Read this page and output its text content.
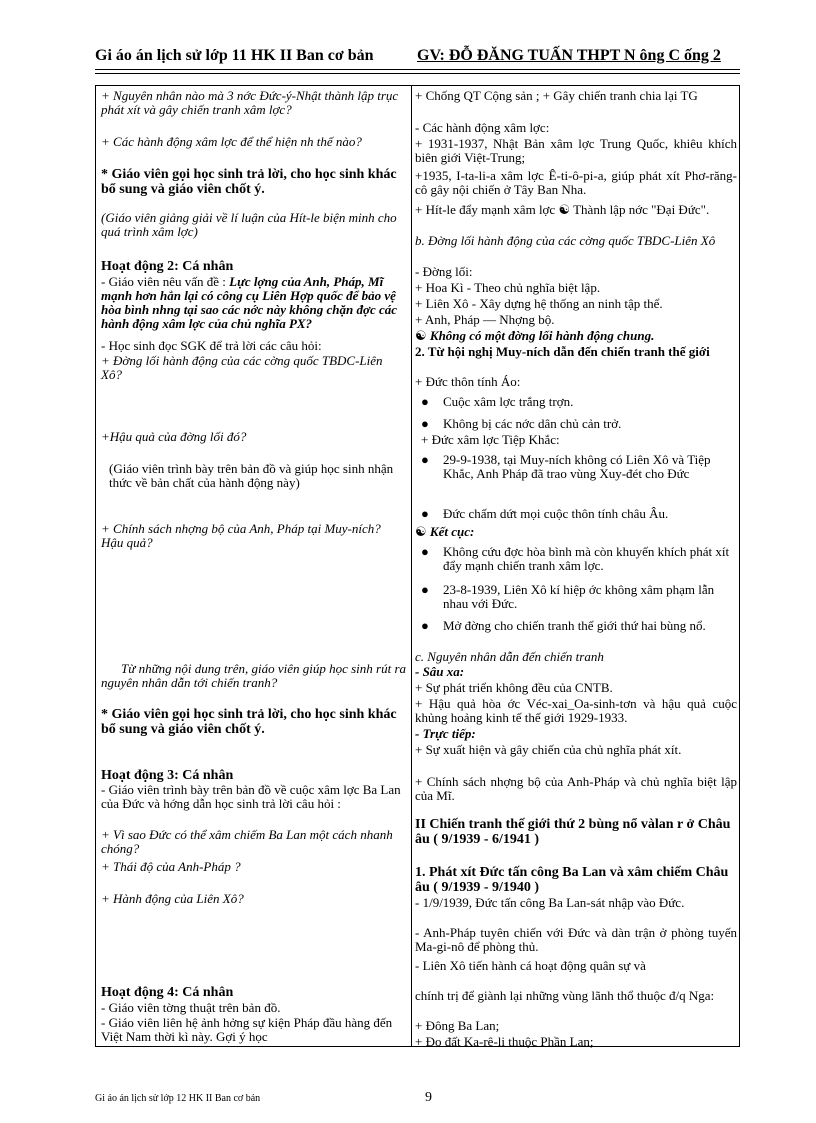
Gi áo án lịch sử lớp 11 HK II Ban cơ bản	GV: ĐỖ ĐĂNG TUẤN THPT N ông C ống 2
+ Nguyên nhân nào mà 3 nớc Đức-ý-Nhật thành lập trục phát xít và gây chiến tranh xâm lợc?
+ Các hành động xâm lợc để thể hiện nh thế nào?
* Giáo viên gọi học sinh trả lời, cho học sinh khác bổ sung và giáo viên chốt ý.
(Giáo viên giảng giải về lí luận của Hít-le biện minh cho quá trình xâm lợc)
Hoạt động 2: Cá nhân
- Giáo viên nêu vấn đề : Lực lợng của Anh, Pháp, Mĩ mạnh hơn hẳn lại có công cụ Liên Hợp quốc để bảo vệ hòa bình nhng tại sao các nớc này không chặn đợc các hành động xâm lợc của chủ nghĩa PX?
- Học sinh đọc SGK để trả lời các câu hỏi:
+ Đờng lối hành động của các cờng quốc TBDC-Liên Xô?
+Hậu quả của đờng lối đó?
(Giáo viên trình bày trên bản đồ và giúp học sinh nhận thức về bản chất của hành động này)
+ Chính sách nhợng bộ của Anh, Pháp tại Muy-ních? Hậu quả?
Từ những nội dung trên, giáo viên giúp học sinh rút ra nguyên nhân dẫn tới chiến tranh?
* Giáo viên gọi học sinh trả lời, cho học sinh khác bổ sung và giáo viên chốt ý.
Hoạt động 3: Cá nhân
- Giáo viên trình bày trên bản đồ về cuộc xâm lợc Ba Lan của Đức và hớng dẫn học sinh trả lời câu hỏi :
+ Vì sao Đức có thể xâm chiếm Ba Lan một cách nhanh chóng?
+ Thái độ của Anh-Pháp ?
+ Hành động của Liên Xô?
Hoạt động 4: Cá nhân
- Giáo viên tờng thuật trên bản đồ.
- Giáo viên liên hệ ảnh hởng sự kiện Pháp đầu hàng đến Việt Nam thời kì này. Gợi ý học
+ Chống QT Cộng sản ; + Gây chiến tranh chia lại TG
- Các hành động xâm lợc:
+ 1931-1937, Nhật Bản xâm lợc Trung Quốc, khiêu khích biên giới Việt-Trung;
+1935, I-ta-li-a xâm lợc Ê-ti-ô-pi-a, giúp phát xít Phơ-răng-cô gây nội chiến ở Tây Ban Nha.
+ Hít-le đẩy mạnh xâm lợc ☯ Thành lập nớc "Đại Đức".
b. Đờng lối hành động của các cờng quốc TBDC-Liên Xô
- Đờng lối:
+ Hoa Kì - Theo chủ nghĩa biệt lập.
+ Liên Xô - Xây dựng hệ thống an ninh tập thể.
+ Anh, Pháp — Nhợng bộ.
☯ Không có một đờng lối hành động chung.
2. Từ hội nghị Muy-ních dẫn đến chiến tranh thế giới
+ Đức thôn tính Áo:
● Cuộc xâm lợc trắng trợn.
● Không bị các nớc dân chủ cản trở.
+ Đức xâm lợc Tiệp Khắc:
● 29-9-1938, tại Muy-ních không có Liên Xô và Tiệp Khắc, Anh Pháp đã trao vùng Xuy-đét cho Đức
● Đức chấm dứt mọi cuộc thôn tính châu Âu.
☯ Kết cục:
● Không cứu đợc hòa bình mà còn khuyến khích phát xít đẩy mạnh chiến tranh xâm lợc.
● 23-8-1939, Liên Xô kí hiệp ớc không xâm phạm lẫn nhau với Đức.
● Mở đờng cho chiến tranh thế giới thứ hai bùng nổ.
c. Nguyên nhân dẫn đến chiến tranh
- Sâu xa:
+ Sự phát triển không đều của CNTB.
+ Hậu quả hòa ớc Véc-xai_Oa-sinh-tơn và hậu quả cuộc khủng hoảng kinh tế thế giới 1929-1933.
- Trực tiếp:
+ Sự xuất hiện và gây chiến của chủ nghĩa phát xít.
+ Chính sách nhợng bộ của Anh-Pháp và chủ nghĩa biệt lập của Mĩ.
II Chiến tranh thế giới thứ 2 bùng nổ vàlan r ở Châu âu ( 9/1939 - 6/1941 )
1. Phát xít Đức tấn công Ba Lan và xâm chiếm Châu âu ( 9/1939 - 9/1940 )
- 1/9/1939, Đức tấn công Ba Lan-sát nhập vào Đức.
- Anh-Pháp tuyên chiến với Đức và dàn trận ở phòng tuyến Ma-gi-nô để phòng thủ.
- Liên Xô tiến hành cá hoạt động quân sự và
chính trị để giành lại những vùng lãnh thổ thuộc đ/q Nga:
+ Đông Ba Lan;
+ Đo đất Ka-rê-li thuộc Phần Lan;
Gi áo án lịch sử lớp 12 HK II Ban cơ bản	9
